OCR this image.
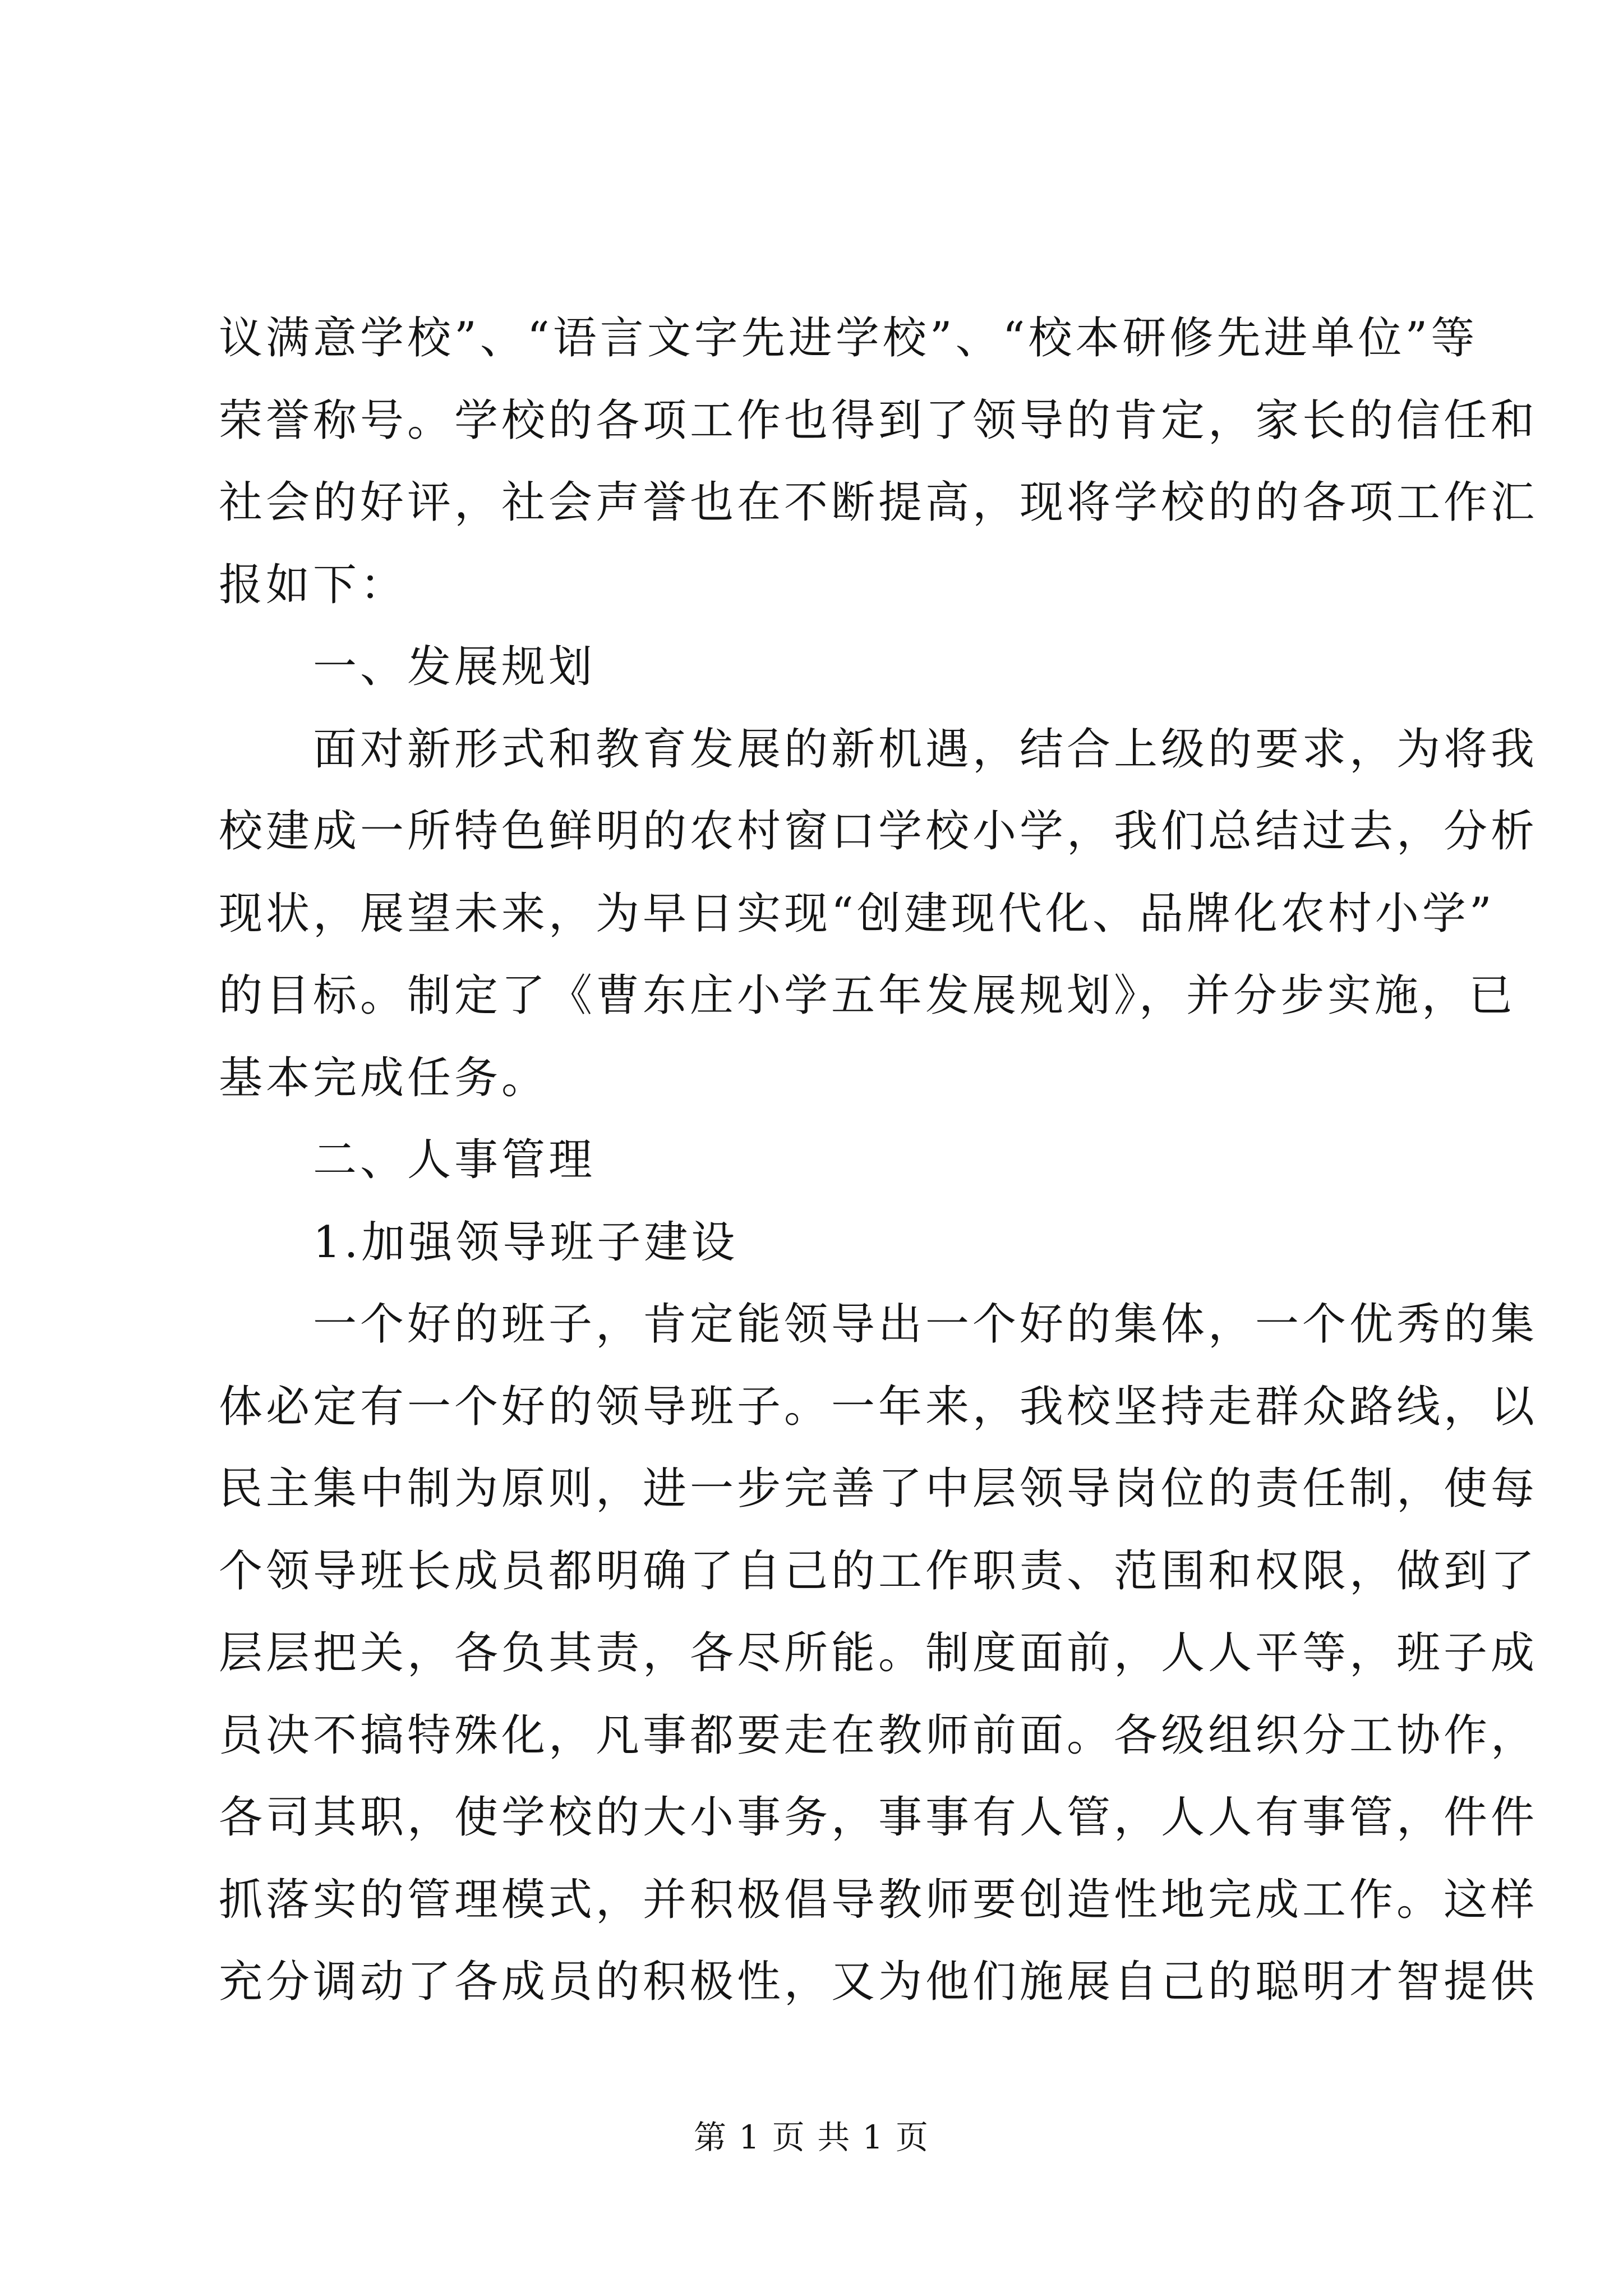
议满意学校”、“语言文字先进学校”、“校本研修先进单位”等
荣誉称号。学校的各项工作也得到了领导的肯定，家长的信任和
社会的好评，社会声誉也在不断提高，现将学校的的各项工作汇
报如下：

一、发展规划

面对新形式和教育发展的新机遇，结合上级的要求，为将我
校建成一所特色鲜明的农村窗口学校小学，我们总结过去，分析
现状，展望未来，为早日实现“创建现代化、品牌化农村小学”
的目标。制定了《曹东庄小学五年发展规划》，并分步实施，已
基本完成任务。

二、人事管理

1.加强领导班子建设

一个好的班子，肯定能领导出一个好的集体，一个优秀的集
体必定有一个好的领导班子。一年来，我校坚持走群众路线，以
民主集中制为原则，进一步完善了中层领导岗位的责任制，使每
个领导班长成员都明确了自己的工作职责、范围和权限，做到了
层层把关，各负其责，各尽所能。制度面前，人人平等，班子成
员决不搞特殊化，凡事都要走在教师前面。各级组织分工协作，
各司其职，使学校的大小事务，事事有人管，人人有事管，件件
抓落实的管理模式，并积极倡导教师要创造性地完成工作。这样
充分调动了各成员的积极性，又为他们施展自己的聪明才智提供

第 1 页 共 1 页
